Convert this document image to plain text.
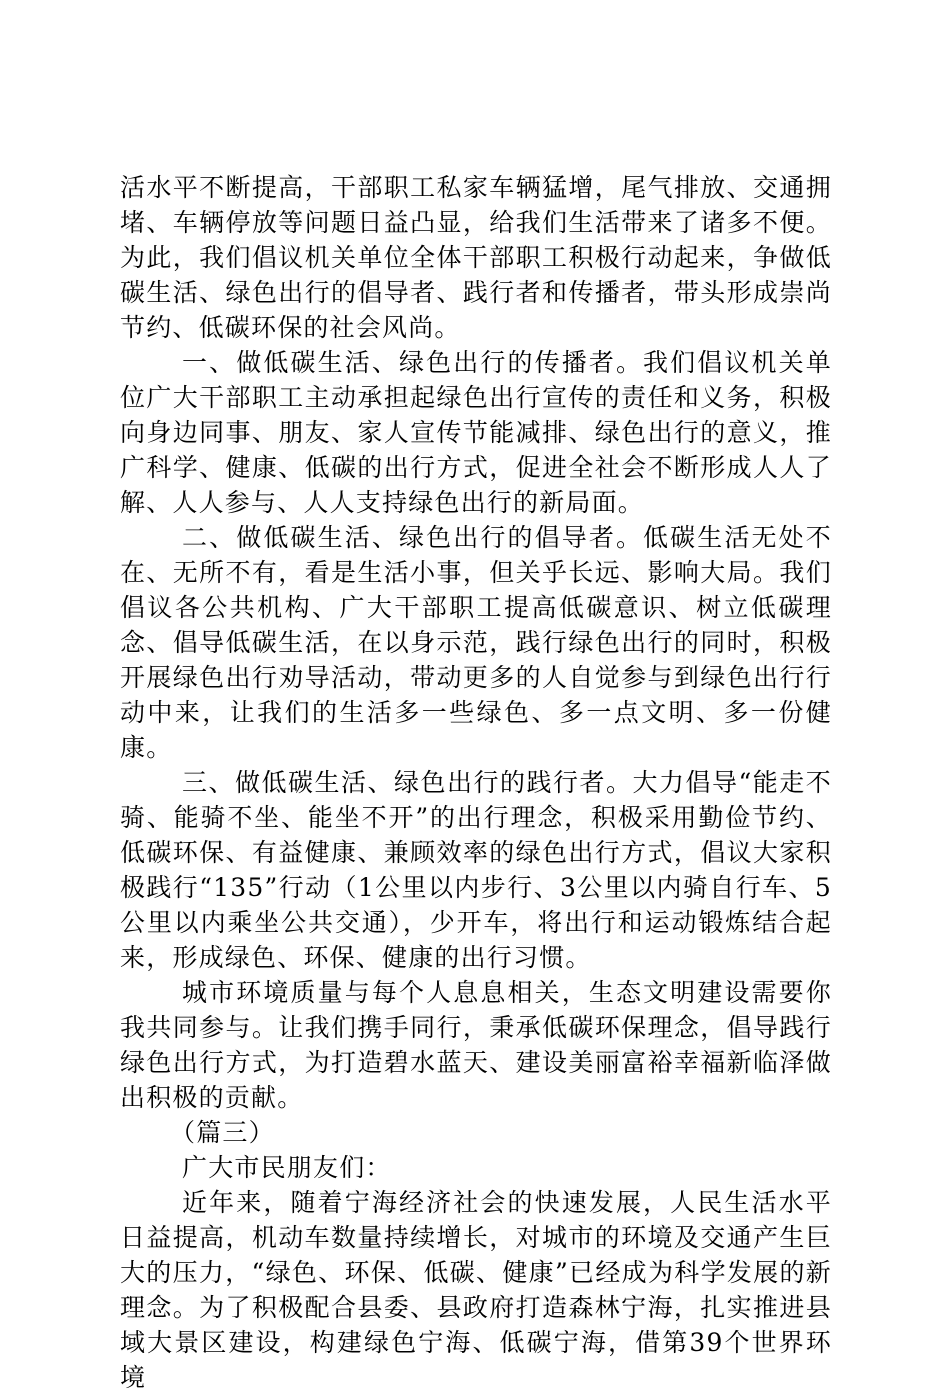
活水平不断提高，干部职工私家车辆猛增，尾气排放、交通拥堵、车辆停放等问题日益凸显，给我们生活带来了诸多不便。为此，我们倡议机关单位全体干部职工积极行动起来，争做低碳生活、绿色出行的倡导者、践行者和传播者，带头形成崇尚节约、低碳环保的社会风尚。

一、做低碳生活、绿色出行的传播者。我们倡议机关单位广大干部职工主动承担起绿色出行宣传的责任和义务，积极向身边同事、朋友、家人宣传节能减排、绿色出行的意义，推广科学、健康、低碳的出行方式，促进全社会不断形成人人了解、人人参与、人人支持绿色出行的新局面。

二、做低碳生活、绿色出行的倡导者。低碳生活无处不在、无所不有，看是生活小事，但关乎长远、影响大局。我们倡议各公共机构、广大干部职工提高低碳意识、树立低碳理念、倡导低碳生活，在以身示范，践行绿色出行的同时，积极开展绿色出行劝导活动，带动更多的人自觉参与到绿色出行行动中来，让我们的生活多一些绿色、多一点文明、多一份健康。

三、做低碳生活、绿色出行的践行者。大力倡导“能走不骑、能骑不坐、能坐不开”的出行理念，积极采用勤俭节约、低碳环保、有益健康、兼顾效率的绿色出行方式，倡议大家积极践行“135”行动（1公里以内步行、3公里以内骑自行车、5公里以内乘坐公共交通），少开车，将出行和运动锻炼结合起来，形成绿色、环保、健康的出行习惯。

城市环境质量与每个人息息相关，生态文明建设需要你我共同参与。让我们携手同行，秉承低碳环保理念，倡导践行绿色出行方式，为打造碧水蓝天、建设美丽富裕幸福新临泽做出积极的贡献。

（篇三）

广大市民朋友们：

近年来，随着宁海经济社会的快速发展，人民生活水平日益提高，机动车数量持续增长，对城市的环境及交通产生巨大的压力，“绿色、环保、低碳、健康”已经成为科学发展的新理念。为了积极配合县委、县政府打造森林宁海，扎实推进县域大景区建设，构建绿色宁海、低碳宁海，借第39个世界环境
